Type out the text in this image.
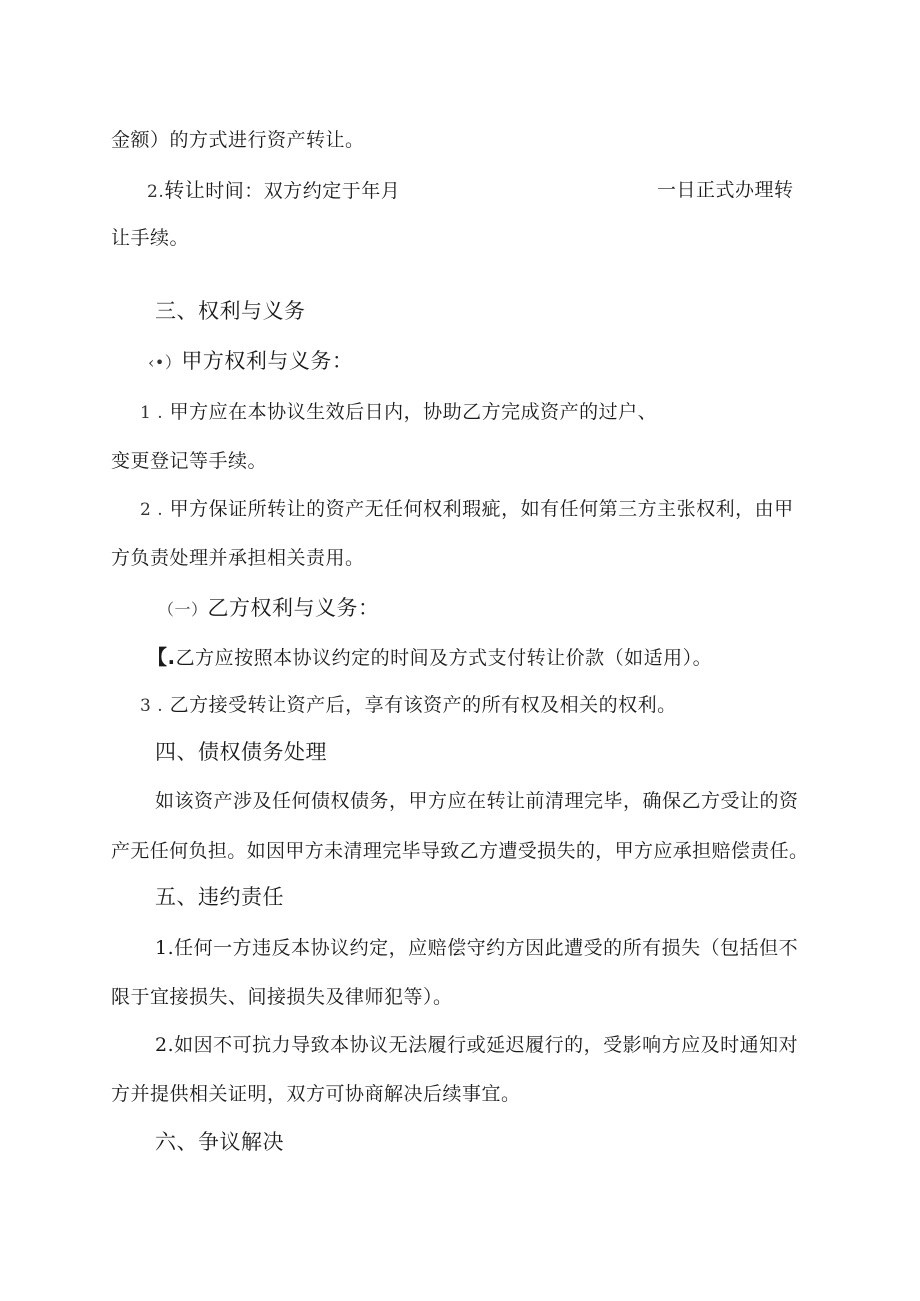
金额）的方式进行资产转让。
2.转让时间：双方约定于年月	一日正式办理转
让手续。
三、权利与义务
‹•）甲方权利与义务：
1 . 甲方应在本协议生效后日内，协助乙方完成资产的过户、
变更登记等手续。
2 . 甲方保证所转让的资产无任何权利瑕疵，如有任何第三方主张权利，由甲
方负责处理并承担相关责用。
（一）乙方权利与义务：
【.乙方应按照本协议约定的时间及方式支付转让价款（如适用）。
3 . 乙方接受转让资产后，享有该资产的所有权及相关的权利。
四、债权债务处理
如该资产涉及任何债权债务，甲方应在转让前清理完毕，确保乙方受让的资
产无任何负担。如因甲方未清理完毕导致乙方遭受损失的，甲方应承担赔偿责任。
五、违约责任
1.任何一方违反本协议约定，应赔偿守约方因此遭受的所有损失（包括但不
限于宜接损失、间接损失及律师犯等）。
2.如因不可抗力导致本协议无法履行或延迟履行的，受影响方应及时通知对
方并提供相关证明，双方可协商解决后续事宜。
六、争议解决
